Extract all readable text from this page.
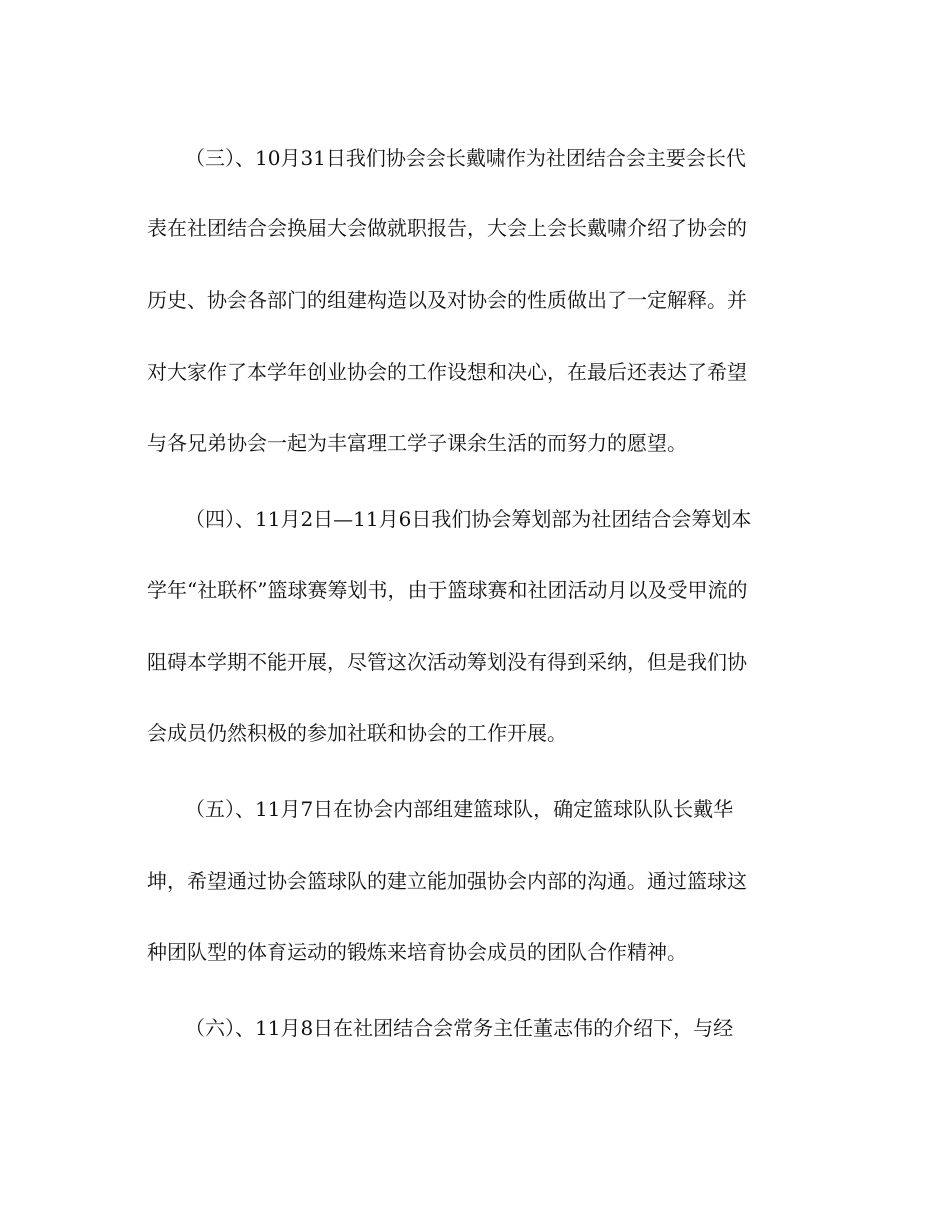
（三）、10月31日我们协会会长戴啸作为社团结合会主要会长代
表在社团结合会换届大会做就职报告，大会上会长戴啸介绍了协会的
历史、协会各部门的组建构造以及对协会的性质做出了一定解释。并
对大家作了本学年创业协会的工作设想和决心，在最后还表达了希望
与各兄弟协会一起为丰富理工学子课余生活的而努力的愿望。
（四）、11月2日—11月6日我们协会筹划部为社团结合会筹划本
学年“社联杯”篮球赛筹划书，由于篮球赛和社团活动月以及受甲流的
阻碍本学期不能开展，尽管这次活动筹划没有得到采纳，但是我们协
会成员仍然积极的参加社联和协会的工作开展。
（五）、11月7日在协会内部组建篮球队，确定篮球队队长戴华
坤，希望通过协会篮球队的建立能加强协会内部的沟通。通过篮球这
种团队型的体育运动的锻炼来培育协会成员的团队合作精神。
（六）、11月8日在社团结合会常务主任董志伟的介绍下，与经
